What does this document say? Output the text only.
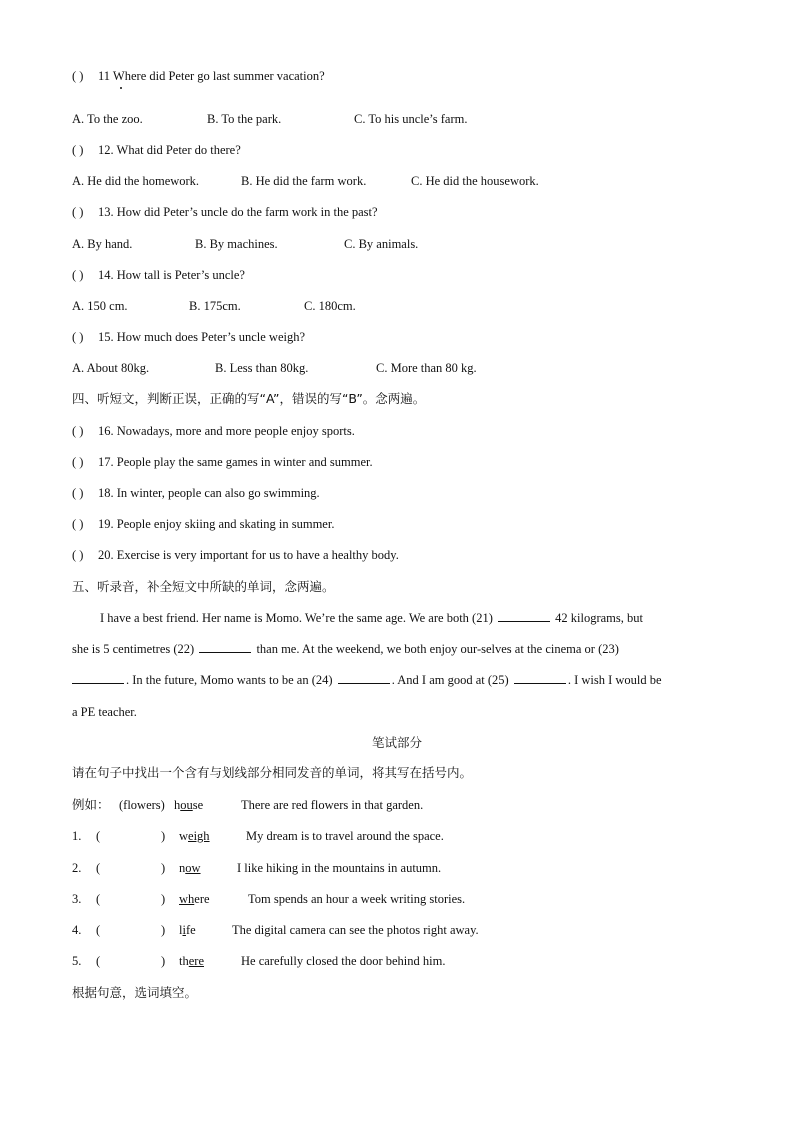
( ) 11 Where did Peter go last summer vacation?
A. To the zoo.	B. To the park.	C. To his uncle’s farm.
( ) 12. What did Peter do there?
A. He did the homework.	B. He did the farm work.	C. He did the housework.
( ) 13. How did Peter’s uncle do the farm work in the past?
A. By hand.	B. By machines.	C. By animals.
( ) 14. How tall is Peter’s uncle?
A. 150 cm.	B. 175cm.	C. 180cm.
( ) 15. How much does Peter’s uncle weigh?
A. About 80kg.	B. Less than 80kg.	C. More than 80 kg.
四、听短文，判断正误，正确的写“A”，错误的写“B”。念两遍。
( ) 16. Nowadays, more and more people enjoy sports.
( ) 17. People play the same games in winter and summer.
( ) 18. In winter, people can also go swimming.
( ) 19. People enjoy skiing and skating in summer.
( ) 20. Exercise is very important for us to have a healthy body.
五、听录音，补全短文中所缺的单词，念两遍。
I have a best friend. Her name is Momo. We’re the same age. We are both (21)	42 kilograms, but
she is 5 centimetres (22)	than me. At the weekend, we both enjoy our-selves at the cinema or (23)
. In the future, Momo wants to be an (24)	. And I am good at (25)	. I wish I would be
a PE teacher.
笔试部分
请在句子中找出一个含有与划线部分相同发音的单词，将其写在括号内。
例如： (flowers) house	There are red flowers in that garden.
1. (	) weigh	My dream is to travel around the space.
2. (	) now	I like hiking in the mountains in autumn.
3. (	) where	Tom spends an hour a week writing stories.
4. (	) life	The digital camera can see the photos right away.
5. (	) there	He carefully closed the door behind him.
根据句意，选词填空。
